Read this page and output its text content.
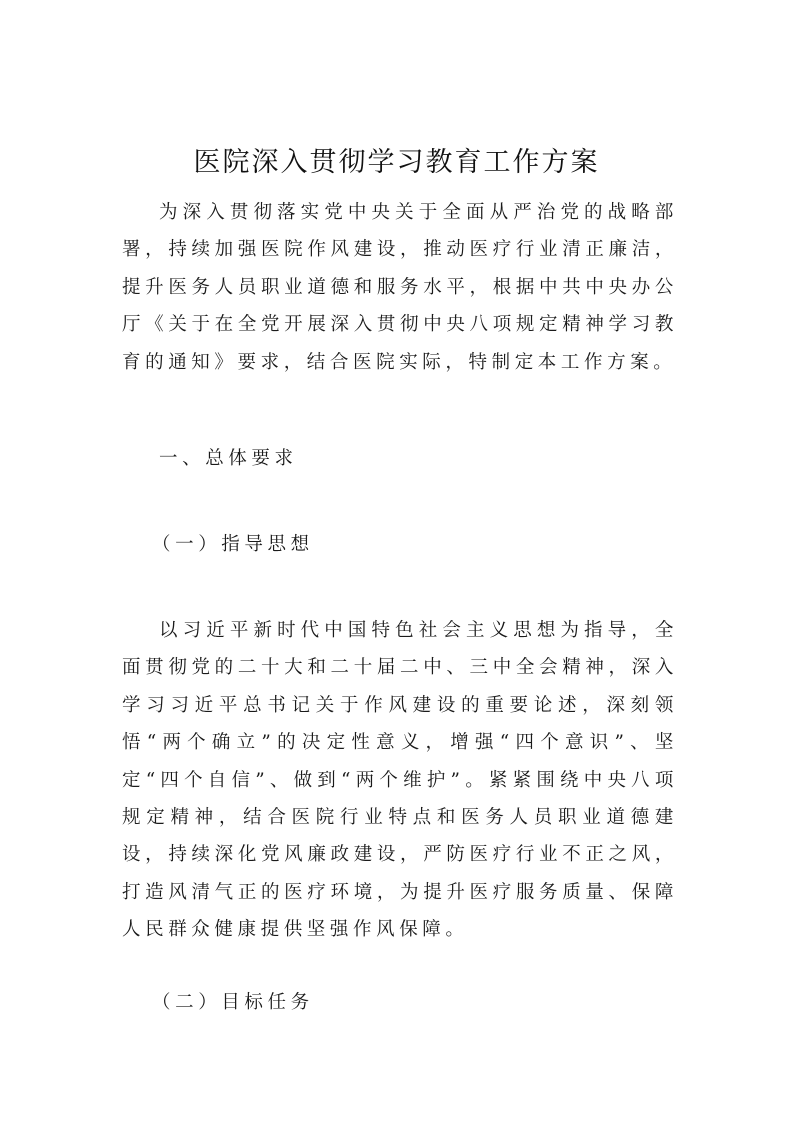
医院深入贯彻学习教育工作方案

为深入贯彻落实党中央关于全面从严治党的战略部署，持续加强医院作风建设，推动医疗行业清正廉洁，提升医务人员职业道德和服务水平，根据中共中央办公厅《关于在全党开展深入贯彻中央八项规定精神学习教育的通知》要求，结合医院实际，特制定本工作方案。

一、总体要求

（一）指导思想

以习近平新时代中国特色社会主义思想为指导，全面贯彻党的二十大和二十届二中、三中全会精神，深入学习习近平总书记关于作风建设的重要论述，深刻领悟“两个确立”的决定性意义，增强“四个意识”、坚定“四个自信”、做到“两个维护”。紧紧围绕中央八项规定精神，结合医院行业特点和医务人员职业道德建设，持续深化党风廉政建设，严防医疗行业不正之风，打造风清气正的医疗环境，为提升医疗服务质量、保障人民群众健康提供坚强作风保障。

（二）目标任务
